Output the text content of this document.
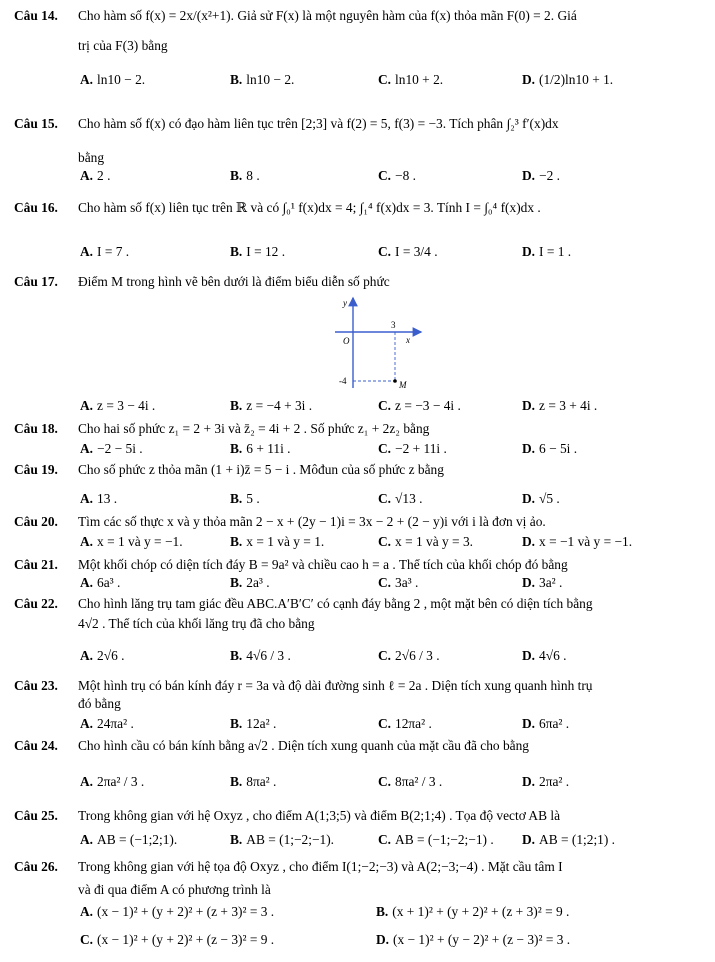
Câu 14. Cho hàm số f(x) = 2x/(x²+1). Giả sử F(x) là một nguyên hàm của f(x) thỏa mãn F(0) = 2. Giá
trị của F(3) bằng
A. ln10 − 2.	B. ln10 − 2.	C. ln10 + 2.	D. (1/2)ln10 + 1.
Câu 15. Cho hàm số f(x) có đạo hàm liên tục trên [2;3] và f(2) = 5, f(3) = −3. Tích phân ∫₂³ f′(x)dx
bằng
A. 2 .	B. 8 .	C. −8 .	D. −2 .
Câu 16. Cho hàm số f(x) liên tục trên ℝ và có ∫₀¹ f(x)dx = 4; ∫₁⁴ f(x)dx = 3. Tính I = ∫₀⁴ f(x)dx .
A. I = 7 .	B. I = 12 .	C. I = 3/4 .	D. I = 1 .
Câu 17. Điểm M trong hình vẽ bên dưới là điểm biểu diễn số phức
y
x
O
3
-4	M
A. z = 3 − 4i .	B. z = −4 + 3i .	C. z = −3 − 4i .	D. z = 3 + 4i .
Câu 18. Cho hai số phức z₁ = 2 + 3i và z̄₂ = 4i + 2 . Số phức z₁ + 2z₂ bằng
A. −2 − 5i .	B. 6 + 11i .	C. −2 + 11i .	D. 6 − 5i .
Câu 19. Cho số phức z thỏa mãn (1 + i)z̄ = 5 − i . Môđun của số phức z bằng
A. 13 .	B. 5 .	C. √13 .	D. √5 .
Câu 20. Tìm các số thực x và y thỏa mãn 2 − x + (2y − 1)i = 3x − 2 + (2 − y)i với i là đơn vị ảo.
A. x = 1 và y = −1.	B. x = 1 và y = 1.	C. x = 1 và y = 3.	D. x = −1 và y = −1.
Câu 21. Một khối chóp có diện tích đáy B = 9a² và chiều cao h = a . Thể tích của khối chóp đó bằng
A. 6a³ .	B. 2a³ .	C. 3a³ .	D. 3a² .
Câu 22. Cho hình lăng trụ tam giác đều ABC.A′B′C′ có cạnh đáy bằng 2 , một mặt bên có diện tích bằng
4√2 . Thể tích của khối lăng trụ đã cho bằng
A. 2√6 .	B. 4√6 / 3 .	C. 2√6 / 3 .	D. 4√6 .
Câu 23. Một hình trụ có bán kính đáy r = 3a và độ dài đường sinh ℓ = 2a . Diện tích xung quanh hình trụ
đó bằng
A. 24πa² .	B. 12a² .	C. 12πa² .	D. 6πa² .
Câu 24. Cho hình cầu có bán kính bằng a√2 . Diện tích xung quanh của mặt cầu đã cho bằng
A. 2πa² / 3 .	B. 8πa² .	C. 8πa² / 3 .	D. 2πa² .
Câu 25. Trong không gian với hệ Oxyz , cho điểm A(1;3;5) và điểm B(2;1;4) . Tọa độ vectơ AB là
A. AB = (−1;2;1).	B. AB = (1;−2;−1).	C. AB = (−1;−2;−1) . D. AB = (1;2;1) .
Câu 26. Trong không gian với hệ tọa độ Oxyz , cho điểm I(1;−2;−3) và A(2;−3;−4) . Mặt cầu tâm I
và đi qua điểm A có phương trình là
A. (x − 1)² + (y + 2)² + (z + 3)² = 3 .	B. (x + 1)² + (y + 2)² + (z + 3)² = 9 .
C. (x − 1)² + (y + 2)² + (z − 3)² = 9 .	D. (x − 1)² + (y − 2)² + (z − 3)² = 3 .
